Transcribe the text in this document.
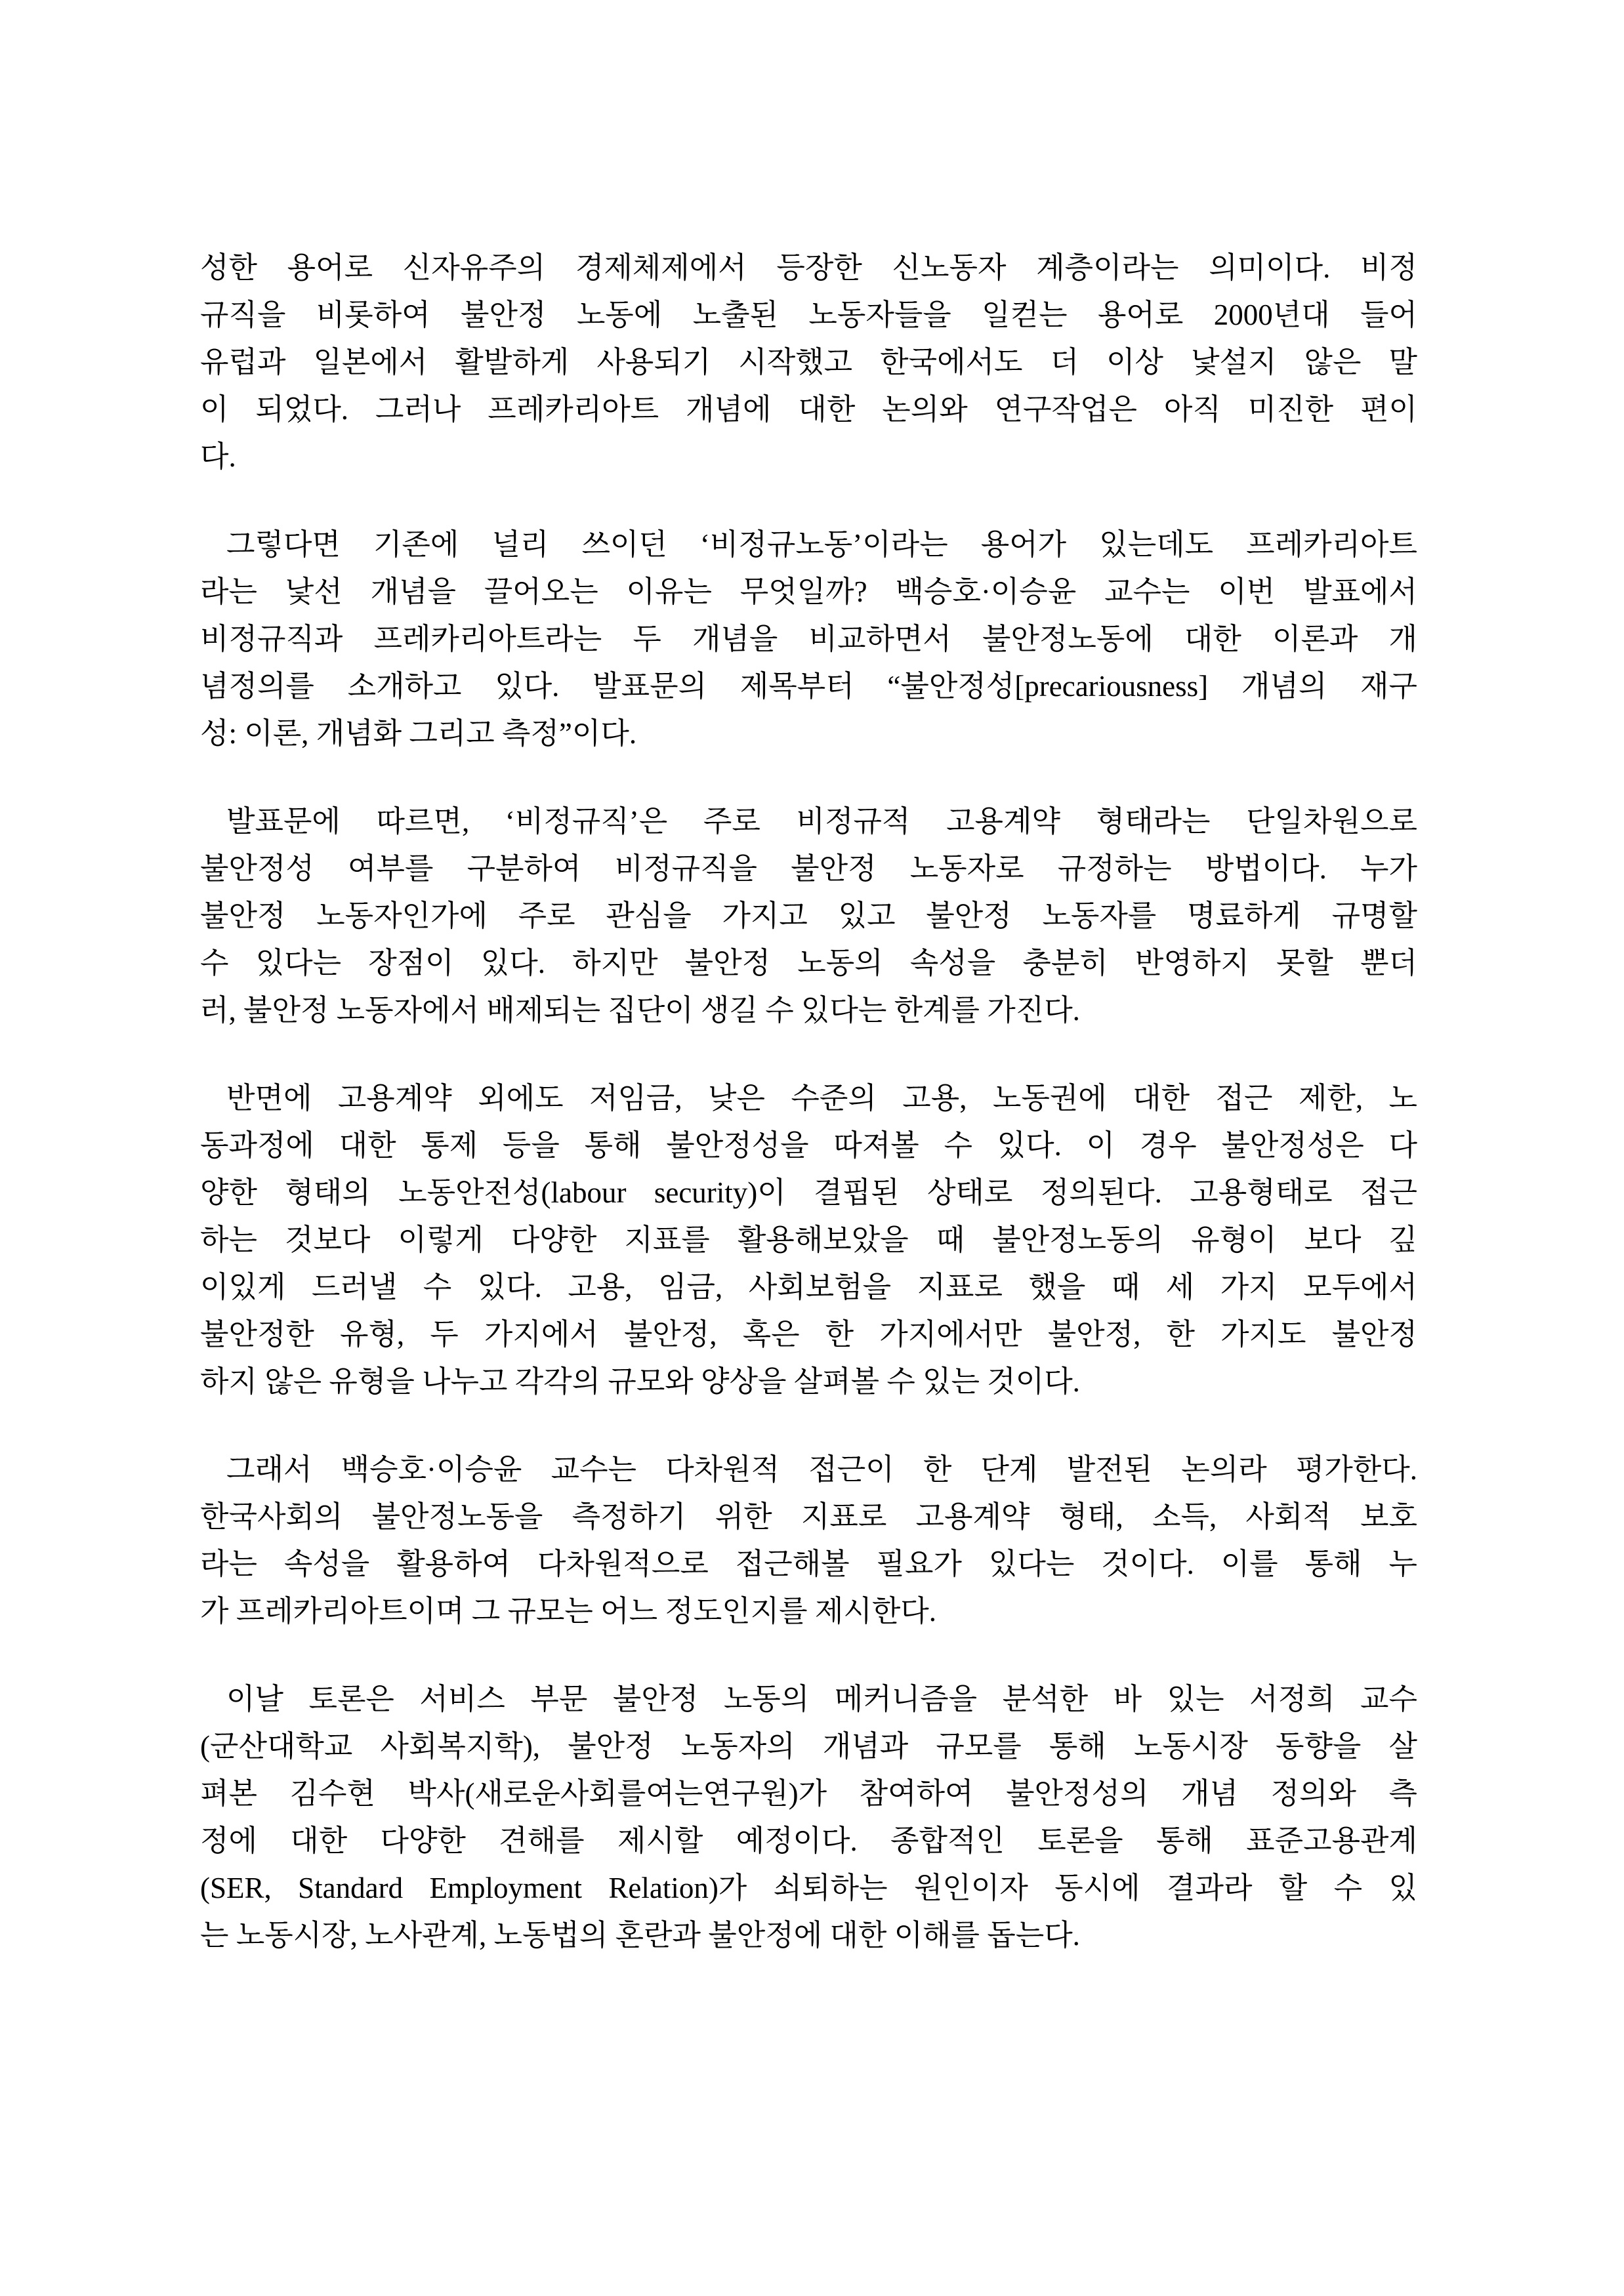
성한 용어로 신자유주의 경제체제에서 등장한 신노동자 계층이라는 의미이다. 비정
규직을 비롯하여 불안정 노동에 노출된 노동자들을 일컫는 용어로 2000년대 들어
유럽과 일본에서 활발하게 사용되기 시작했고 한국에서도 더 이상 낯설지 않은 말
이 되었다. 그러나 프레카리아트 개념에 대한 논의와 연구작업은 아직 미진한 편이
다.
그렇다면 기존에 널리 쓰이던 ‘비정규노동’이라는 용어가 있는데도 프레카리아트
라는 낯선 개념을 끌어오는 이유는 무엇일까? 백승호·이승윤 교수는 이번 발표에서
비정규직과 프레카리아트라는 두 개념을 비교하면서 불안정노동에 대한 이론과 개
념정의를 소개하고 있다. 발표문의 제목부터 “불안정성[precariousness] 개념의 재구
성: 이론, 개념화 그리고 측정”이다.
발표문에 따르면, ‘비정규직’은 주로 비정규적 고용계약 형태라는 단일차원으로
불안정성 여부를 구분하여 비정규직을 불안정 노동자로 규정하는 방법이다. 누가
불안정 노동자인가에 주로 관심을 가지고 있고 불안정 노동자를 명료하게 규명할
수 있다는 장점이 있다. 하지만 불안정 노동의 속성을 충분히 반영하지 못할 뿐더
러, 불안정 노동자에서 배제되는 집단이 생길 수 있다는 한계를 가진다.
반면에 고용계약 외에도 저임금, 낮은 수준의 고용, 노동권에 대한 접근 제한, 노
동과정에 대한 통제 등을 통해 불안정성을 따져볼 수 있다. 이 경우 불안정성은 다
양한 형태의 노동안전성(labour security)이 결핍된 상태로 정의된다. 고용형태로 접근
하는 것보다 이렇게 다양한 지표를 활용해보았을 때 불안정노동의 유형이 보다 깊
이있게 드러낼 수 있다. 고용, 임금, 사회보험을 지표로 했을 때 세 가지 모두에서
불안정한 유형, 두 가지에서 불안정, 혹은 한 가지에서만 불안정, 한 가지도 불안정
하지 않은 유형을 나누고 각각의 규모와 양상을 살펴볼 수 있는 것이다.
그래서 백승호·이승윤 교수는 다차원적 접근이 한 단계 발전된 논의라 평가한다.
한국사회의 불안정노동을 측정하기 위한 지표로 고용계약 형태, 소득, 사회적 보호
라는 속성을 활용하여 다차원적으로 접근해볼 필요가 있다는 것이다. 이를 통해 누
가 프레카리아트이며 그 규모는 어느 정도인지를 제시한다.
이날 토론은 서비스 부문 불안정 노동의 메커니즘을 분석한 바 있는 서정희 교수
(군산대학교 사회복지학), 불안정 노동자의 개념과 규모를 통해 노동시장 동향을 살
펴본 김수현 박사(새로운사회를여는연구원)가 참여하여 불안정성의 개념 정의와 측
정에 대한 다양한 견해를 제시할 예정이다. 종합적인 토론을 통해 표준고용관계
(SER, Standard Employment Relation)가 쇠퇴하는 원인이자 동시에 결과라 할 수 있
는 노동시장, 노사관계, 노동법의 혼란과 불안정에 대한 이해를 돕는다.
